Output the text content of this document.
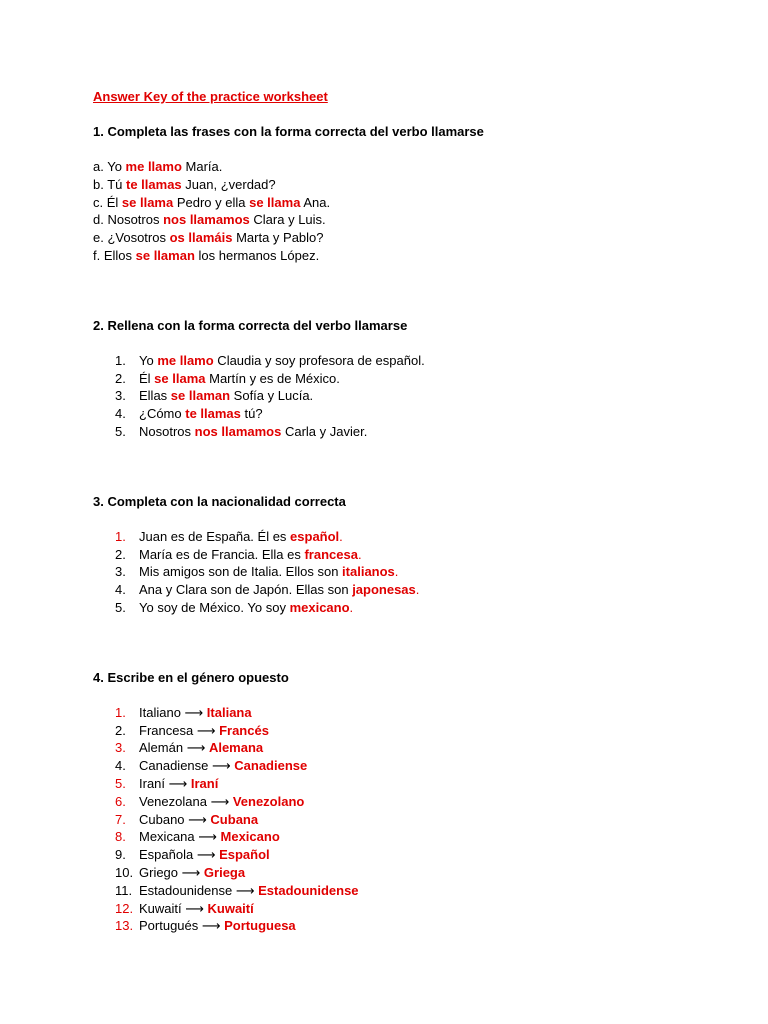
Answer Key of the practice worksheet
1. Completa las frases con la forma correcta del verbo llamarse
a. Yo me llamo María.
b. Tú te llamas Juan, ¿verdad?
c. Él se llama Pedro y ella se llama Ana.
d. Nosotros nos llamamos Clara y Luis.
e. ¿Vosotros os llamáis Marta y Pablo?
f. Ellos se llaman los hermanos López.
2. Rellena con la forma correcta del verbo llamarse
1. Yo me llamo Claudia y soy profesora de español.
2. Él se llama Martín y es de México.
3. Ellas se llaman Sofía y Lucía.
4. ¿Cómo te llamas tú?
5. Nosotros nos llamamos Carla y Javier.
3. Completa con la nacionalidad correcta
1. Juan es de España. Él es español.
2. María es de Francia. Ella es francesa.
3. Mis amigos son de Italia. Ellos son italianos.
4. Ana y Clara son de Japón. Ellas son japonesas.
5. Yo soy de México. Yo soy mexicano.
4. Escribe en el género opuesto
1. Italiano ⟶ Italiana
2. Francesa ⟶ Francés
3. Alemán ⟶ Alemana
4. Canadiense ⟶ Canadiense
5. Iraní ⟶ Iraní
6. Venezolana ⟶ Venezolano
7. Cubano ⟶ Cubana
8. Mexicana ⟶ Mexicano
9. Española ⟶ Español
10. Griego ⟶ Griega
11. Estadounidense ⟶ Estadounidense
12. Kuwaití ⟶ Kuwaití
13. Portugués ⟶ Portuguesa
